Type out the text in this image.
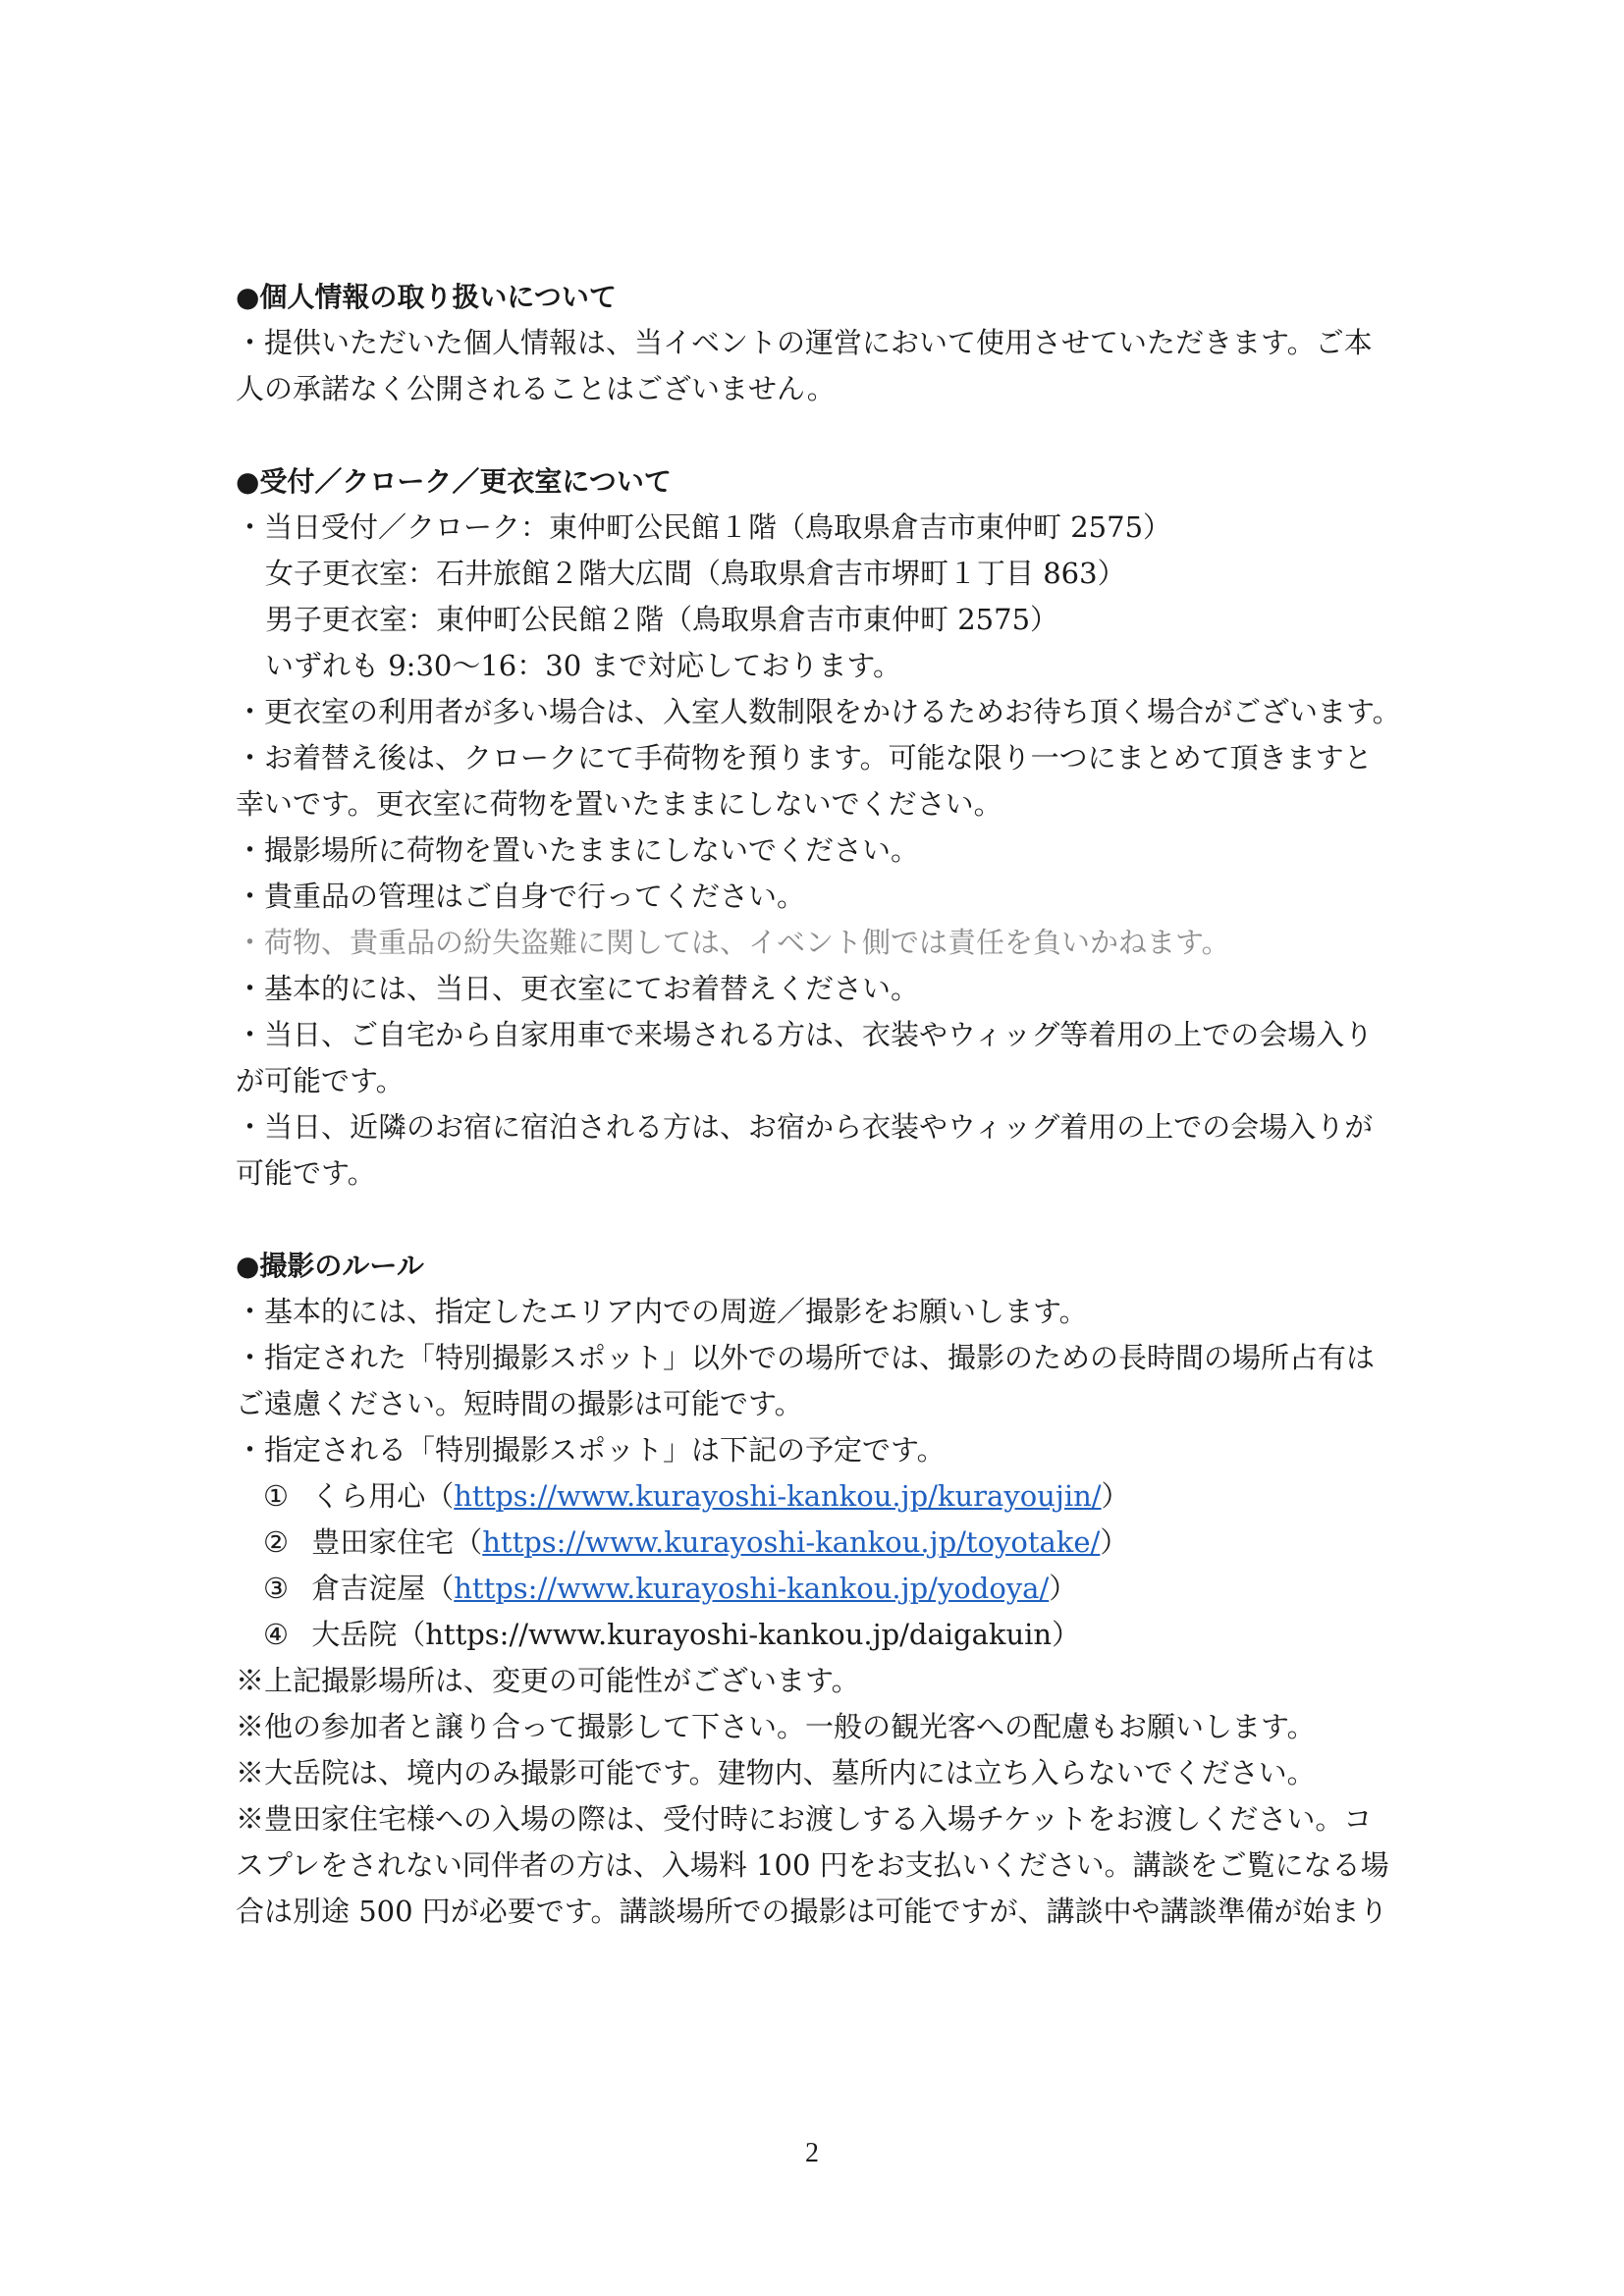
●個人情報の取り扱いについて
・提供いただいた個人情報は、当イベントの運営において使用させていただきます。ご本
人の承諾なく公開されることはございません。
●受付／クローク／更衣室について
・当日受付／クローク：東仲町公民館１階（鳥取県倉吉市東仲町 2575）
女子更衣室：石井旅館２階大広間（鳥取県倉吉市堺町１丁目 863）
男子更衣室：東仲町公民館２階（鳥取県倉吉市東仲町 2575）
いずれも 9:30～16：30 まで対応しております。
・更衣室の利用者が多い場合は、入室人数制限をかけるためお待ち頂く場合がございます。
・お着替え後は、クロークにて手荷物を預ります。可能な限り一つにまとめて頂きますと
幸いです。更衣室に荷物を置いたままにしないでください。
・撮影場所に荷物を置いたままにしないでください。
・貴重品の管理はご自身で行ってください。
・荷物、貴重品の紛失盗難に関しては、イベント側では責任を負いかねます。
・基本的には、当日、更衣室にてお着替えください。
・当日、ご自宅から自家用車で来場される方は、衣装やウィッグ等着用の上での会場入り
が可能です。
・当日、近隣のお宿に宿泊される方は、お宿から衣装やウィッグ着用の上での会場入りが
可能です。
●撮影のルール
・基本的には、指定したエリア内での周遊／撮影をお願いします。
・指定された「特別撮影スポット」以外での場所では、撮影のための長時間の場所占有は
ご遠慮ください。短時間の撮影は可能です。
・指定される「特別撮影スポット」は下記の予定です。
① くら用心（https://www.kurayoshi-kankou.jp/kurayoujin/）
② 豊田家住宅（https://www.kurayoshi-kankou.jp/toyotake/）
③ 倉吉淀屋（https://www.kurayoshi-kankou.jp/yodoya/）
④ 大岳院（https://www.kurayoshi-kankou.jp/daigakuin）
※上記撮影場所は、変更の可能性がございます。
※他の参加者と譲り合って撮影して下さい。一般の観光客への配慮もお願いします。
※大岳院は、境内のみ撮影可能です。建物内、墓所内には立ち入らないでください。
※豊田家住宅様への入場の際は、受付時にお渡しする入場チケットをお渡しください。コ
スプレをされない同伴者の方は、入場料 100 円をお支払いください。講談をご覧になる場
合は別途 500 円が必要です。講談場所での撮影は可能ですが、講談中や講談準備が始まり
2
